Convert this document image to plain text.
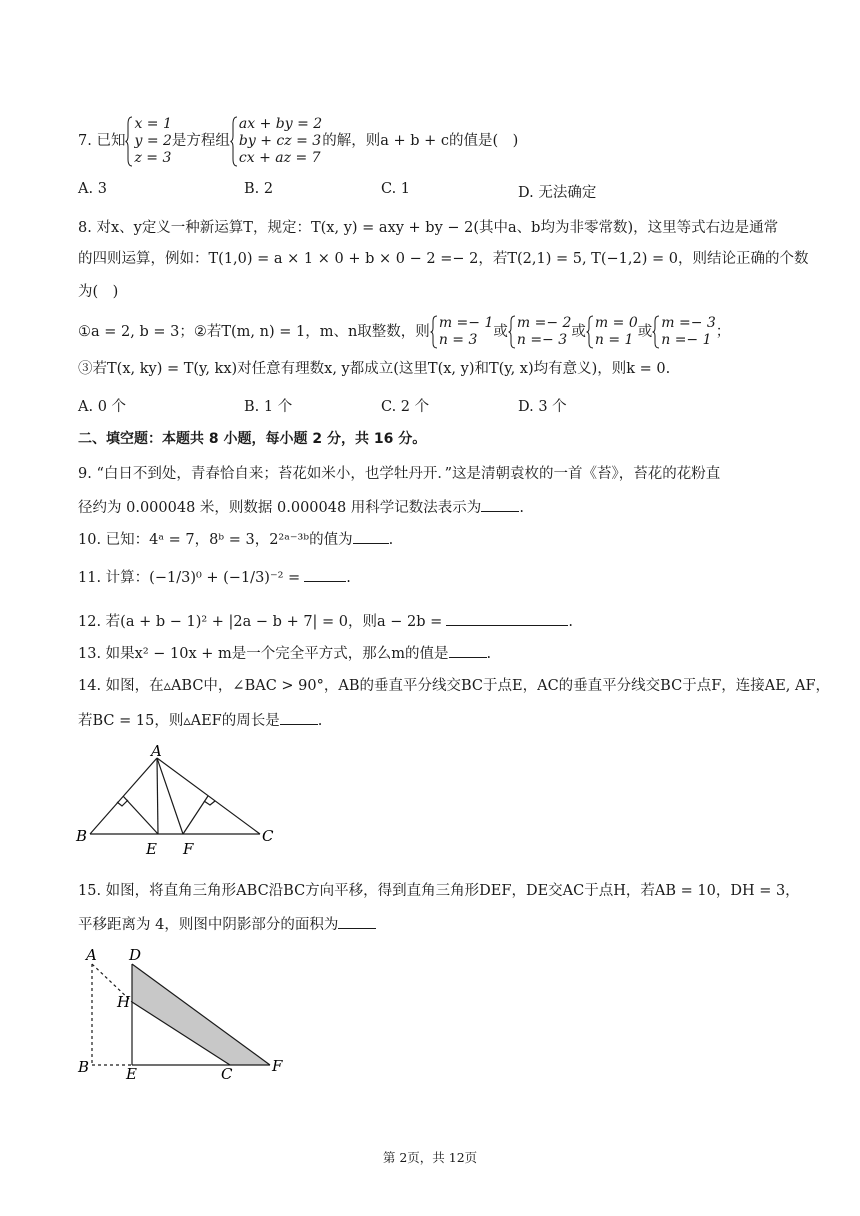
7. 已知
x = 1
y = 2
z = 3
是方程组
ax + by = 2
by + cz = 3
cx + az = 7
的解，则a + b + c的值是(　)
A. 3	B. 2	C. 1	D. 无法确定
8. 对x、y定义一种新运算T，规定：T(x, y) = axy + by − 2(其中a、b均为非零常数)，这里等式右边是通常
的四则运算，例如：T(1,0) = a × 1 × 0 + b × 0 − 2 =− 2，若T(2,1) = 5, T(−1,2) = 0，则结论正确的个数
为(　)
①a = 2, b = 3；②若T(m, n) = 1，m、n取整数，则
m =− 1
n = 3	或
m =− 2
n =− 3 或
m = 0
n = 1 或
m =− 3
n =− 1 ；
③若T(x, ky) = T(y, kx)对任意有理数x, y都成立(这里T(x, y)和T(y, x)均有意义)，则k = 0.
A. 0 个	B. 1 个	C. 2 个	D. 3 个
二、填空题：本题共 8 小题，每小题 2 分，共 16 分。
9. “白日不到处，青春恰自来；苔花如米小，也学牡丹开．”这是清朝袁枚的一首《苔》，苔花的花粉直
径约为 0.000048 米，则数据 0.000048 用科学记数法表示为	.
10. 已知：4ᵃ = 7，8ᵇ = 3，2²ᵃ⁻³ᵇ的值为 .
11. 计算：(−1/3)⁰ + (−1/3)⁻² =	.
12. 若(a + b − 1)² + |2a − b + 7| = 0，则a − 2b =	.
13. 如果x² − 10x + m是一个完全平方式，那么m的值是	.
14. 如图，在▵ABC中，∠BAC > 90°，AB的垂直平分线交BC于点E，AC的垂直平分线交BC于点F，连接AE, AF，
若BC = 15，则▵AEF的周长是	.
A
B	C
E F
15. 如图，将直角三角形ABC沿BC方向平移，得到直角三角形DEF，DE交AC于点H，若AB = 10，DH = 3，
平移距离为 4，则图中阴影部分的面积为
A D
H
B E	C	F
第 2页，共 12页
